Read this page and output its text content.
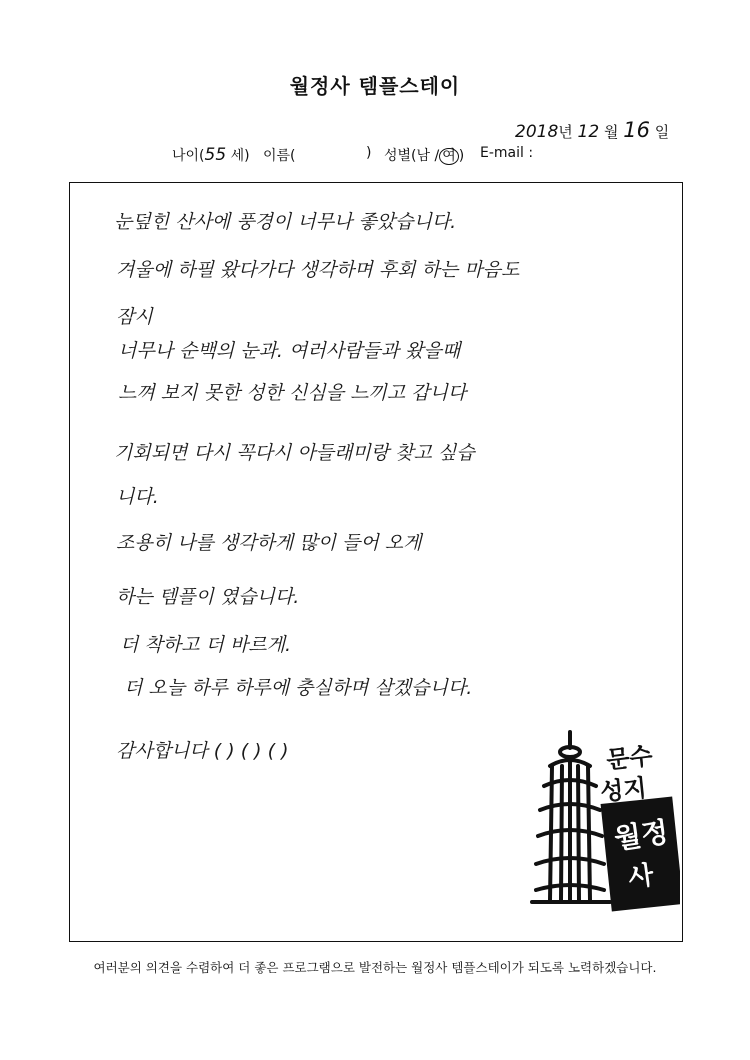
월정사 템플스테이
2018년 12 월 16 일
나이(55 세) 이름(	) 성별(남 / 여 ) E-mail :
눈덮힌 산사에 풍경이 너무나 좋았습니다.
겨울에 하필 왔다가다 생각하며 후회 하는 마음도
잠시
너무나 순백의 눈과. 여러사람들과 왔을때
느껴 보지 못한 성한 신심을 느끼고 갑니다
기회되면 다시 꼭다시 아들래미랑 찾고 싶습
니다.
조용히 나를 생각하게 많이 들어 오게
하는 템플이 였습니다.
더 착하고 더 바르게.
더 오늘 하루 하루에 충실하며 살겠습니다.
감사합니다 ( ) ( ) ( )	문수
성지
월정
사
여러분의 의견을 수렴하여 더 좋은 프로그램으로 발전하는 월정사 템플스테이가 되도록 노력하겠습니다.
